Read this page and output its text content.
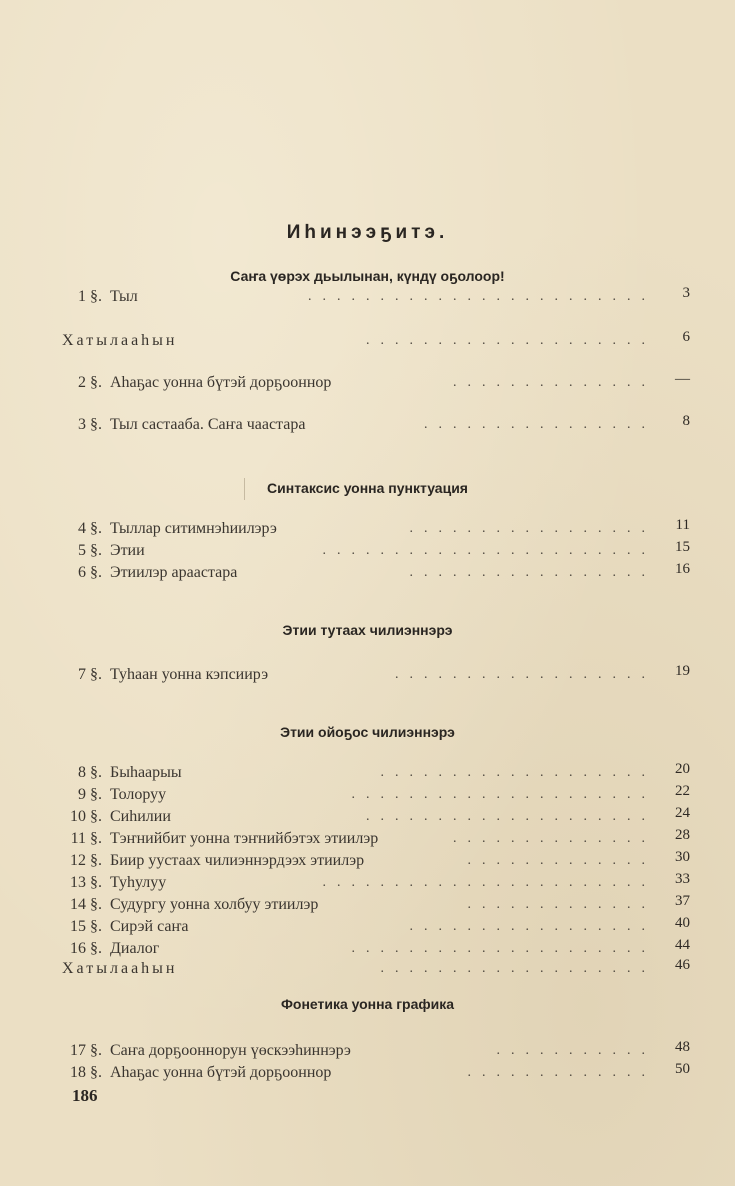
Иһинээҕитэ.
Саҥа үөрэх дьылынан, күндү оҕолоор!
1 §. Тыл	........................	3
Хатылааһын	....................	6
2 §. Аһаҕас уонна бүтэй дорҕооннор	..............	—
3 §. Тыл састааба. Саҥа чаастара	................	8
Синтаксис уонна пунктуация
4 §. Тыллар ситимнэһиилэрэ	.................	11
5 §. Этии	.......................	15
6 §. Этиилэр араастара	.................	16
Этии тутаах чилиэннэрэ
7 §. Туһаан уонна кэпсиирэ	..................	19
Этии ойоҕос чилиэннэрэ
8 §. Быһаарыы	...................	20
9 §. Толоруу	.....................	22
10 §. Сиһилии	....................	24
11 §. Тэҥнийбит уонна тэҥнийбэтэх этиилэр	..............	28
12 §. Биир уустаах чилиэннэрдээх этиилэр	.............	30
13 §. Туһулуу	.......................	33
14 §. Судургу уонна холбуу этиилэр	.............	37
15 §. Сирэй саҥа	.................	40
16 §. Диалог	.....................	44
Хатылааһын	...................	46
Фонетика уонна графика
17 §. Саҥа дорҕооннорун үөскээһиннэрэ	...........	48
18 §. Аһаҕас уонна бүтэй дорҕооннор	.............	50
186
